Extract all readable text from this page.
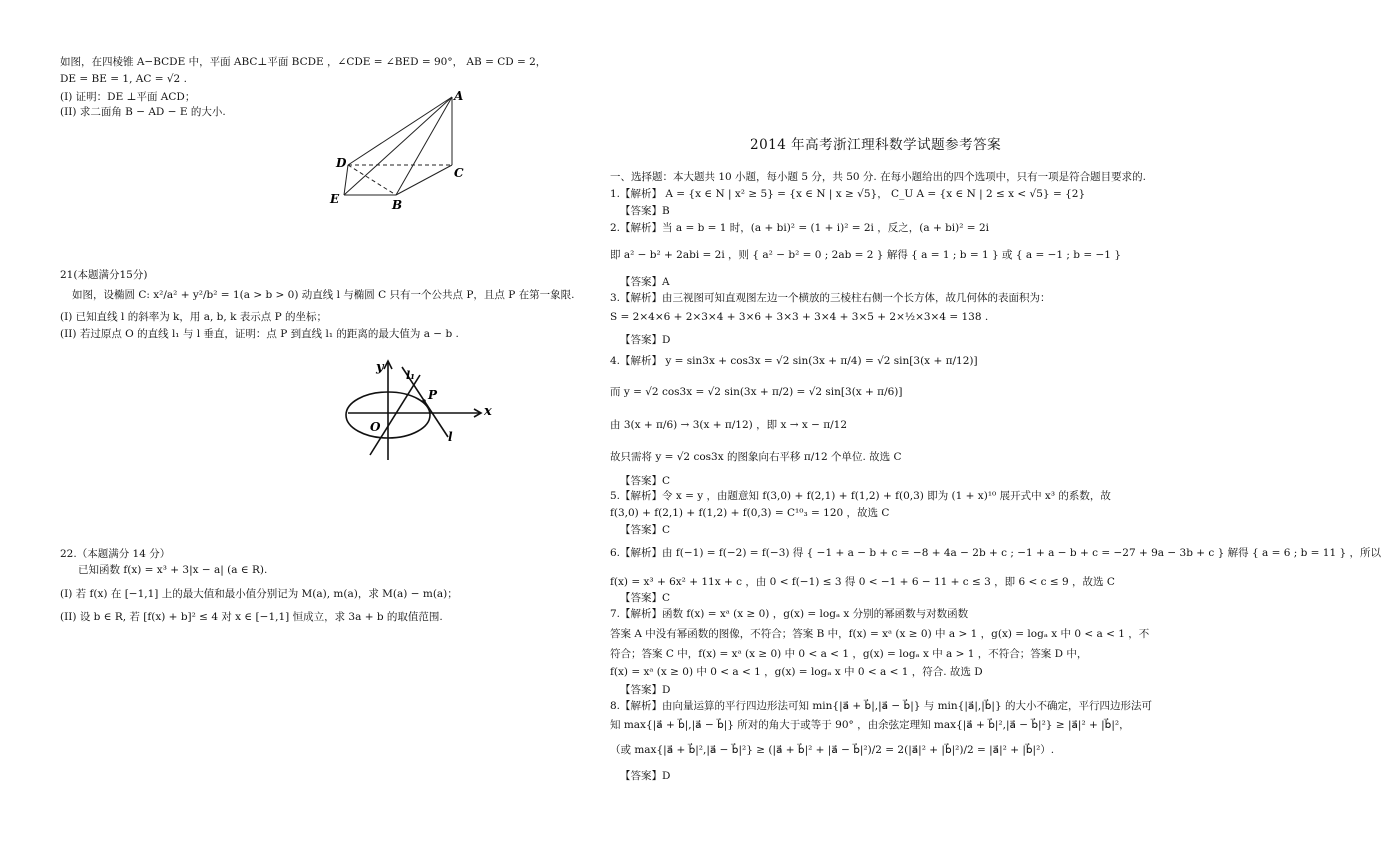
如图，在四棱锥 A−BCDE 中，平面 ABC⊥平面 BCDE ，∠CDE = ∠BED = 90°， AB = CD = 2，
DE = BE = 1, AC = √2 .
(I) 证明：DE ⊥平面 ACD；
(II) 求二面角 B − AD − E 的大小.
A
D
C
E	B
21(本题满分15分)
如图，设椭圆 C: x²/a² + y²/b² = 1(a > b > 0) 动直线 l 与椭圆 C 只有一个公共点 P，且点 P 在第一象限.
(I) 已知直线 l 的斜率为 k，用 a, b, k 表示点 P 的坐标；
(II) 若过原点 O 的直线 l₁ 与 l 垂直，证明：点 P 到直线 l₁ 的距离的最大值为 a − b .
y
l₁
P
x
O
l
22.（本题满分 14 分）
已知函数 f(x) = x³ + 3|x − a| (a ∈ R).
(I) 若 f(x) 在 [−1,1] 上的最大值和最小值分别记为 M(a), m(a)，求 M(a) − m(a)；
(II) 设 b ∈ R, 若 [f(x) + b]² ≤ 4 对 x ∈ [−1,1] 恒成立，求 3a + b 的取值范围.
2014 年高考浙江理科数学试题参考答案
一、选择题：本大题共 10 小题，每小题 5 分，共 50 分. 在每小题给出的四个选项中，只有一项是符合题目要求的.
1.【解析】 A = {x ∈ N | x² ≥ 5} = {x ∈ N | x ≥ √5}， C_U A = {x ∈ N | 2 ≤ x < √5} = {2}
【答案】B
2.【解析】当 a = b = 1 时，(a + bi)² = (1 + i)² = 2i ，反之，(a + bi)² = 2i
即 a² − b² + 2abi = 2i ，则 { a² − b² = 0 ; 2ab = 2 } 解得 { a = 1 ; b = 1 } 或 { a = −1 ; b = −1 }
【答案】A
3.【解析】由三视图可知直观图左边一个横放的三棱柱右侧一个长方体，故几何体的表面积为：
S = 2×4×6 + 2×3×4 + 3×6 + 3×3 + 3×4 + 3×5 + 2×½×3×4 = 138 .
【答案】D
4.【解析】 y = sin3x + cos3x = √2 sin(3x + π/4) = √2 sin[3(x + π/12)]
而 y = √2 cos3x = √2 sin(3x + π/2) = √2 sin[3(x + π/6)]
由 3(x + π/6) → 3(x + π/12) ，即 x → x − π/12
故只需将 y = √2 cos3x 的图象向右平移 π/12 个单位. 故选 C
【答案】C
5.【解析】令 x = y ，由题意知 f(3,0) + f(2,1) + f(1,2) + f(0,3) 即为 (1 + x)¹⁰ 展开式中 x³ 的系数，故
f(3,0) + f(2,1) + f(1,2) + f(0,3) = C¹⁰₃ = 120 ，故选 C
【答案】C
6.【解析】由 f(−1) = f(−2) = f(−3) 得 { −1 + a − b + c = −8 + 4a − 2b + c ; −1 + a − b + c = −27 + 9a − 3b + c } 解得 { a = 6 ; b = 11 } ，所以
f(x) = x³ + 6x² + 11x + c ，由 0 < f(−1) ≤ 3 得 0 < −1 + 6 − 11 + c ≤ 3 ，即 6 < c ≤ 9 ，故选 C
【答案】C
7.【解析】函数 f(x) = xᵃ (x ≥ 0) ，g(x) = logₐ x 分别的幂函数与对数函数
答案 A 中没有幂函数的图像，不符合；答案 B 中，f(x) = xᵃ (x ≥ 0) 中 a > 1 ，g(x) = logₐ x 中 0 < a < 1 ，不
符合；答案 C 中，f(x) = xᵃ (x ≥ 0) 中 0 < a < 1 ，g(x) = logₐ x 中 a > 1 ，不符合；答案 D 中，
f(x) = xᵃ (x ≥ 0) 中 0 < a < 1 ，g(x) = logₐ x 中 0 < a < 1 ，符合. 故选 D
【答案】D
8.【解析】由向量运算的平行四边形法可知 min{|a⃗ + b⃗|,|a⃗ − b⃗|} 与 min{|a⃗|,|b⃗|} 的大小不确定，平行四边形法可
知 max{|a⃗ + b⃗|,|a⃗ − b⃗|} 所对的角大于或等于 90° ，由余弦定理知 max{|a⃗ + b⃗|²,|a⃗ − b⃗|²} ≥ |a⃗|² + |b⃗|²，
（或 max{|a⃗ + b⃗|²,|a⃗ − b⃗|²} ≥ (|a⃗ + b⃗|² + |a⃗ − b⃗|²)/2 = 2(|a⃗|² + |b⃗|²)/2 = |a⃗|² + |b⃗|²）.
【答案】D
